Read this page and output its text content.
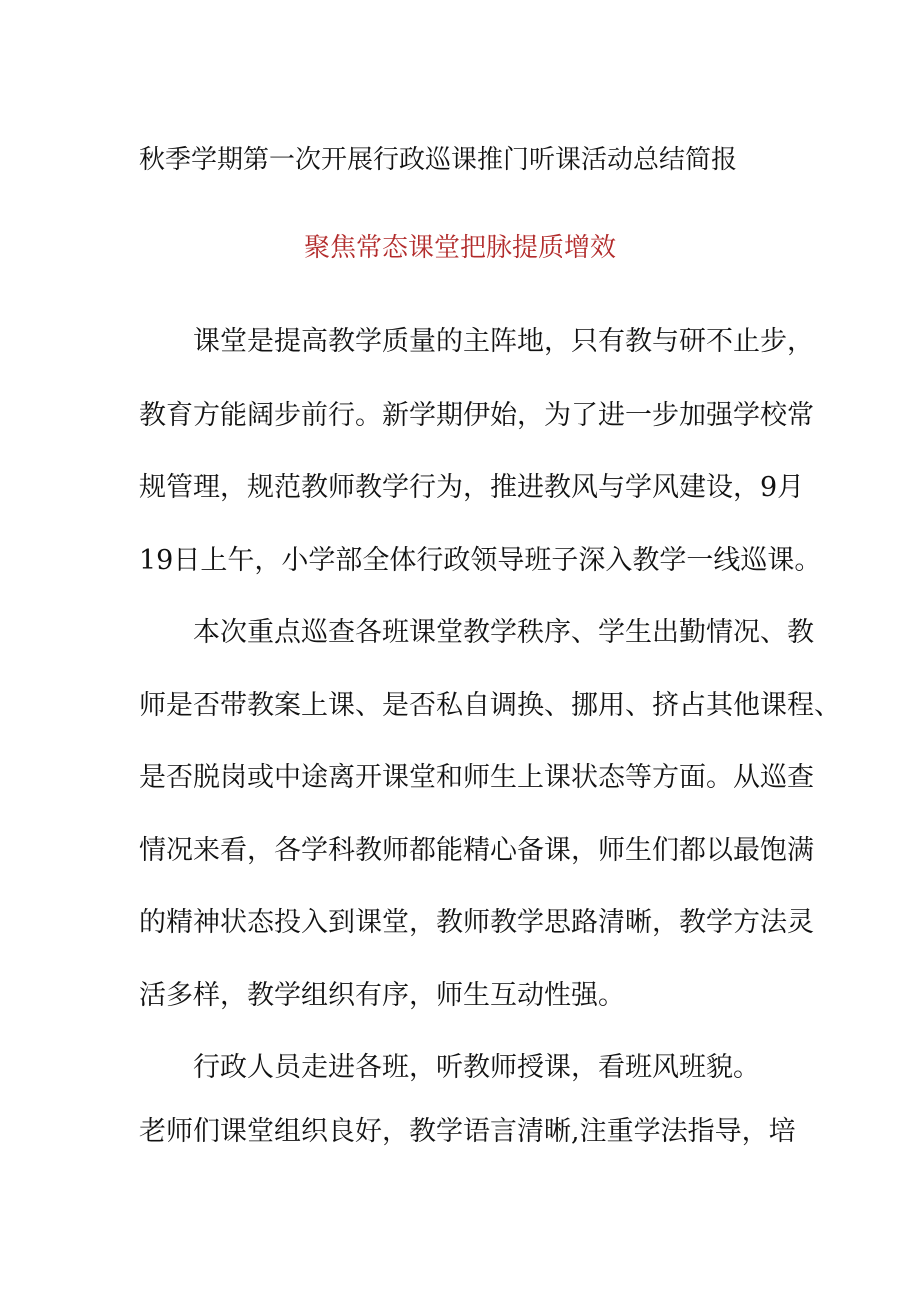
秋季学期第一次开展行政巡课推门听课活动总结简报
聚焦常态课堂把脉提质增效

课堂是提高教学质量的主阵地，只有教与研不止步，

教育方能阔步前行。新学期伊始，为了进一步加强学校常

规管理，规范教师教学行为，推进教风与学风建设，9月

19日上午，小学部全体行政领导班子深入教学一线巡课。

本次重点巡查各班课堂教学秩序、学生出勤情况、教

师是否带教案上课、是否私自调换、挪用、挤占其他课程、

是否脱岗或中途离开课堂和师生上课状态等方面。从巡查

情况来看，各学科教师都能精心备课，师生们都以最饱满

的精神状态投入到课堂，教师教学思路清晰，教学方法灵

活多样，教学组织有序，师生互动性强。

行政人员走进各班，听教师授课，看班风班貌。

老师们课堂组织良好，教学语言清晰,注重学法指导，培
